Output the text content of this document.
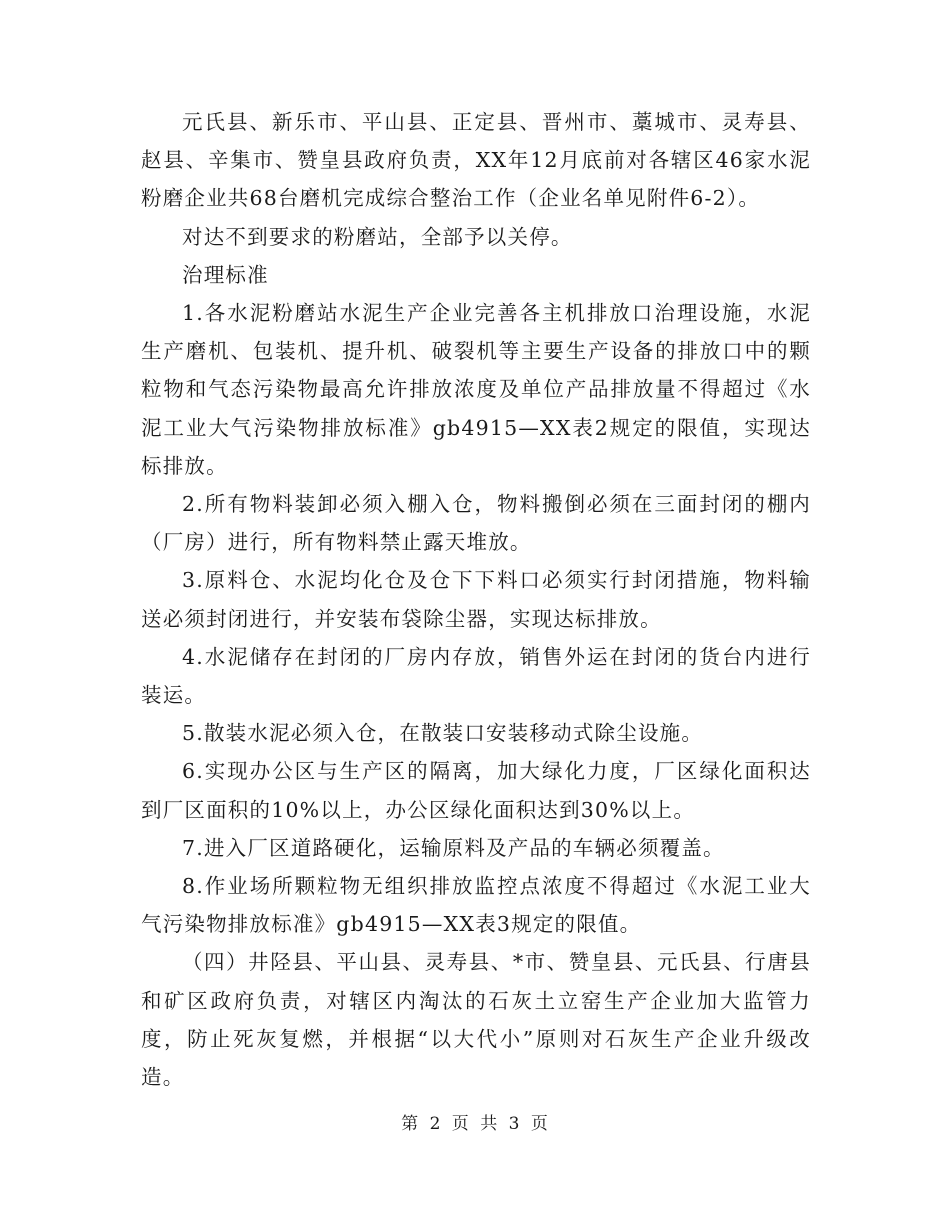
元氏县、新乐市、平山县、正定县、晋州市、藁城市、灵寿县、赵县、辛集市、赞皇县政府负责，XX年12月底前对各辖区46家水泥粉磨企业共68台磨机完成综合整治工作（企业名单见附件6-2）。

对达不到要求的粉磨站，全部予以关停。

治理标准

1.各水泥粉磨站水泥生产企业完善各主机排放口治理设施，水泥生产磨机、包装机、提升机、破裂机等主要生产设备的排放口中的颗粒物和气态污染物最高允许排放浓度及单位产品排放量不得超过《水泥工业大气污染物排放标准》gb4915—XX表2规定的限值，实现达标排放。

2.所有物料装卸必须入棚入仓，物料搬倒必须在三面封闭的棚内（厂房）进行，所有物料禁止露天堆放。

3.原料仓、水泥均化仓及仓下下料口必须实行封闭措施，物料输送必须封闭进行，并安装布袋除尘器，实现达标排放。

4.水泥储存在封闭的厂房内存放，销售外运在封闭的货台内进行装运。

5.散装水泥必须入仓，在散装口安装移动式除尘设施。

6.实现办公区与生产区的隔离，加大绿化力度，厂区绿化面积达到厂区面积的10%以上，办公区绿化面积达到30%以上。

7.进入厂区道路硬化，运输原料及产品的车辆必须覆盖。

8.作业场所颗粒物无组织排放监控点浓度不得超过《水泥工业大气污染物排放标准》gb4915—XX表3规定的限值。

（四）井陉县、平山县、灵寿县、*市、赞皇县、元氏县、行唐县和矿区政府负责，对辖区内淘汰的石灰土立窑生产企业加大监管力度，防止死灰复燃，并根据“以大代小”原则对石灰生产企业升级改造。

第 2 页 共 3 页
